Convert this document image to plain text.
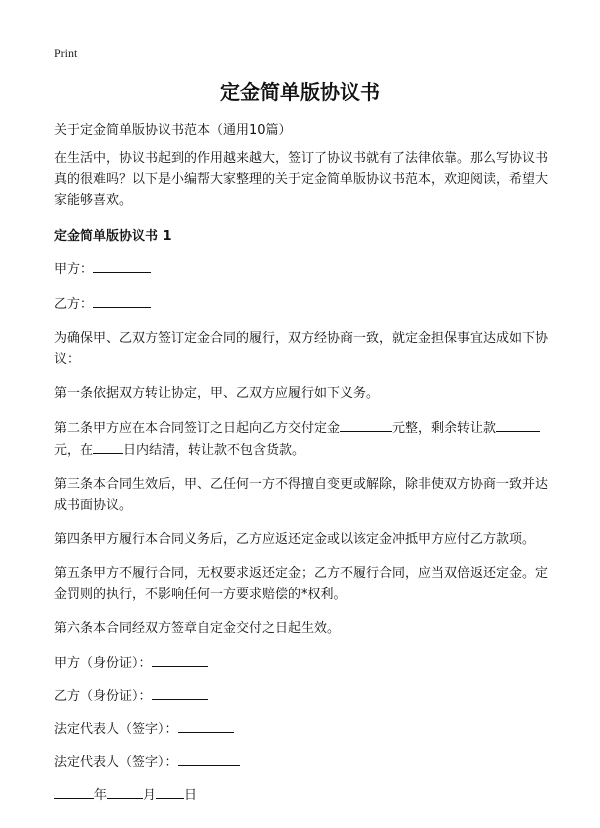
Print
定金简单版协议书

关于定金简单版协议书范本（通用10篇）

在生活中，协议书起到的作用越来越大，签订了协议书就有了法律依靠。那么写协议书真的很难吗？以下是小编帮大家整理的关于定金简单版协议书范本，欢迎阅读，希望大家能够喜欢。

定金简单版协议书 1

甲方：

乙方：

为确保甲、乙双方签订定金合同的履行，双方经协商一致，就定金担保事宜达成如下协议：

第一条依据双方转让协定，甲、乙双方应履行如下义务。

第二条甲方应在本合同签订之日起向乙方交付定金	元整，剩余转让款元，在 日内结清，转让款不包含货款。

第三条本合同生效后，甲、乙任何一方不得擅自变更或解除，除非使双方协商一致并达成书面协议。

第四条甲方履行本合同义务后，乙方应返还定金或以该定金冲抵甲方应付乙方款项。

第五条甲方不履行合同，无权要求返还定金；乙方不履行合同，应当双倍返还定金。定金罚则的执行，不影响任何一方要求赔偿的*权利。

第六条本合同经双方签章自定金交付之日起生效。

甲方（身份证）：

乙方（身份证）：

法定代表人（签字）：

法定代表人（签字）：

年	月 日
